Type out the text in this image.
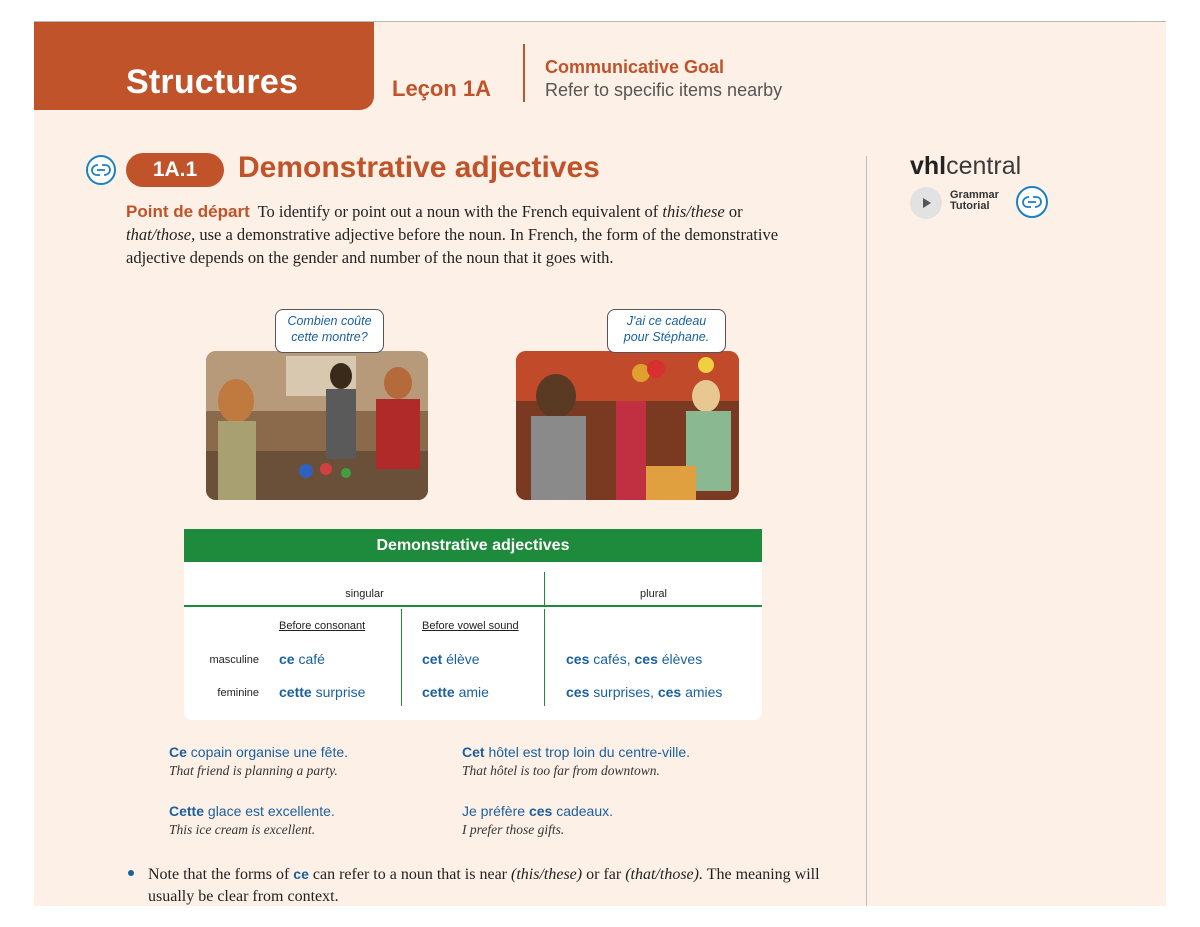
Structures	Leçon 1A
Communicative Goal
Refer to specific items nearby
1A.1	Demonstrative adjectives
Point de départ To identify or point out a noun with the French equivalent of this/these or that/those, use a demonstrative adjective before the noun. In French, the form of the demonstrative adjective depends on the gender and number of the noun that it goes with.
Combien coûte
cette montre?
J'ai ce cadeau
pour Stéphane.
Demonstrative adjectives
singular	plural
Before consonant	Before vowel sound
masculine ce café	cet élève	ces cafés, ces élèves
feminine cette surprise	cette amie	ces surprises, ces amies
Ce copain organise une fête.
That friend is planning a party.
Cet hôtel est trop loin du centre-ville.
That hôtel is too far from downtown.
Cette glace est excellente.
This ice cream is excellent.
Je préfère ces cadeaux.
I prefer those gifts.
Note that the forms of ce can refer to a noun that is near (this/these) or far (that/those). The meaning will usually be clear from context.
vhlcentral
Grammar
Tutorial
